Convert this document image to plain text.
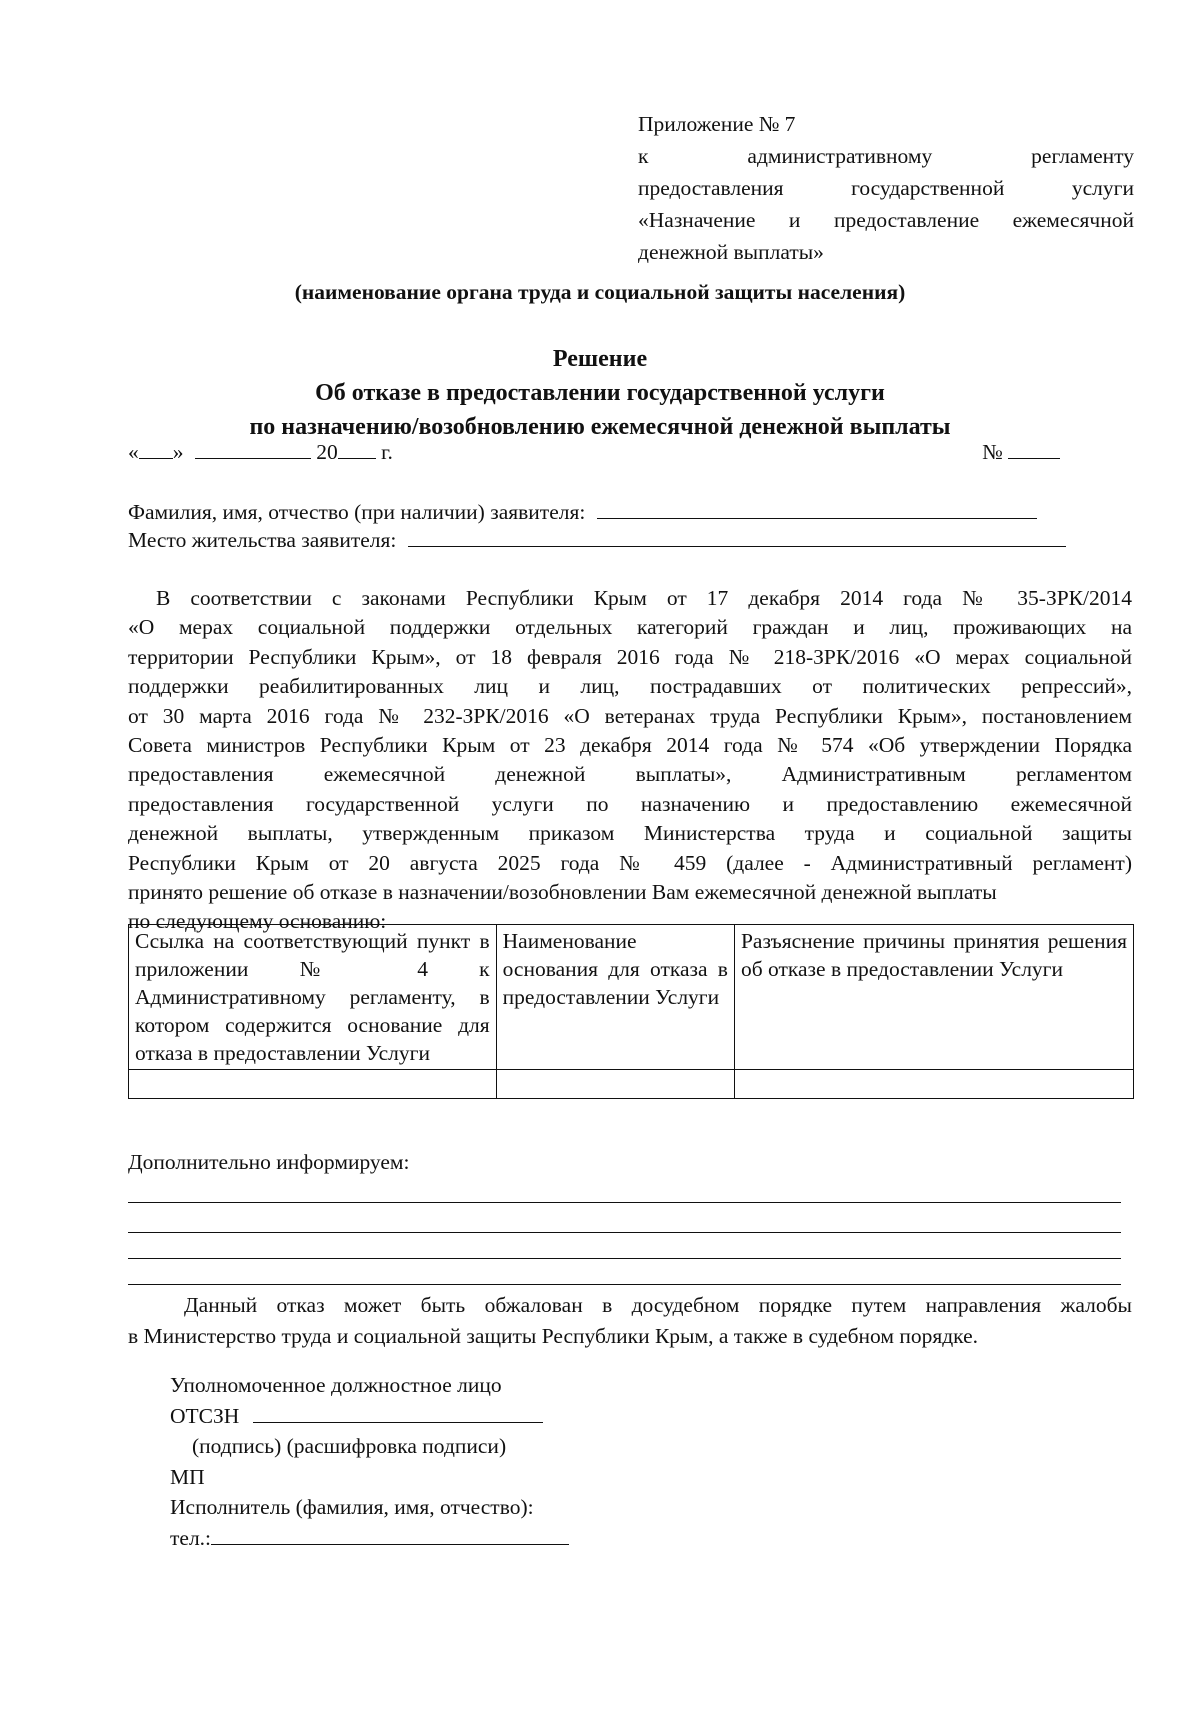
Приложение № 7
к административному регламенту
предоставления государственной услуги
«Назначение и предоставление ежемесячной
денежной выплаты»
(наименование органа труда и социальной защиты населения)
Решение
Об отказе в предоставлении государственной услуги
по назначению/возобновлению ежемесячной денежной выплаты
« »	20 г.	№
Фамилия, имя, отчество (при наличии) заявителя:
Место жительства заявителя:
В соответствии с законами Республики Крым от 17 декабря 2014 года № 35-ЗРК/2014
«О мерах социальной поддержки отдельных категорий граждан и лиц, проживающих на
территории Республики Крым», от 18 февраля 2016 года № 218-ЗРК/2016 «О мерах социальной
поддержки реабилитированных лиц и лиц, пострадавших от политических репрессий»,
от 30 марта 2016 года № 232-ЗРК/2016 «О ветеранах труда Республики Крым», постановлением
Совета министров Республики Крым от 23 декабря 2014 года № 574 «Об утверждении Порядка
предоставления ежемесячной денежной выплаты», Административным регламентом
предоставления государственной услуги по назначению и предоставлению ежемесячной
денежной выплаты, утвержденным приказом Министерства труда и социальной защиты
Республики Крым от 20 августа 2025 года № 459 (далее - Административный регламент)
принято решение об отказе в назначении/возобновлении Вам ежемесячной денежной выплаты
по следующему основанию:
Ссылка на соответствующий пункт в приложении № 4 к Административному регламенту, в котором содержится основание для отказа в предоставлении Услуги	Наименование основания для отказа в предоставлении Услуги	Разъяснение причины принятия решения об отказе в предоставлении Услуги

Дополнительно информируем:
Данный отказ может быть обжалован в досудебном порядке путем направления жалобы
в Министерство труда и социальной защиты Республики Крым, а также в судебном порядке.
Уполномоченное должностное лицо
ОТСЗН
(подпись) (расшифровка подписи)
МП
Исполнитель (фамилия, имя, отчество):
тел.:
